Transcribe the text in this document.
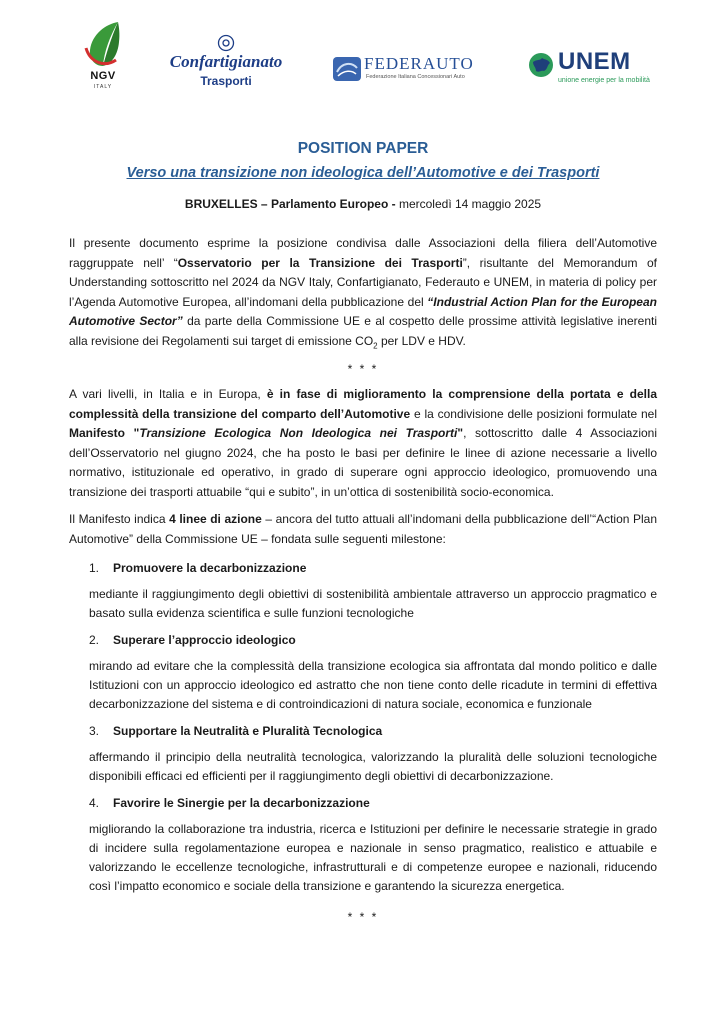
NGV
ITALY
Confartigianato
Trasporti
FEDERAUTO
Federazione Italiana Concessionari Auto
UNEM
unione energie per la mobilità
POSITION PAPER
Verso una transizione non ideologica dell’Automotive e dei Trasporti
BRUXELLES – Parlamento Europeo - mercoledì 14 maggio 2025

Il presente documento esprime la posizione condivisa dalle Associazioni della filiera dell’Automotive raggruppate nell’ “Osservatorio per la Transizione dei Trasporti”, risultante del Memorandum of Understanding sottoscritto nel 2024 da NGV Italy, Confartigianato, Federauto e UNEM, in materia di policy per l’Agenda Automotive Europea, all’indomani della pubblicazione del “Industrial Action Plan for the European Automotive Sector” da parte della Commissione UE e al cospetto delle prossime attività legislative inerenti alla revisione dei Regolamenti sui target di emissione $CO_2$ per LDV e HDV.

* * *

A vari livelli, in Italia e in Europa, è in fase di miglioramento la comprensione della portata e della complessità della transizione del comparto dell’Automotive e la condivisione delle posizioni formulate nel Manifesto "Transizione Ecologica Non Ideologica nei Trasporti", sottoscritto dalle 4 Associazioni dell’Osservatorio nel giugno 2024, che ha posto le basi per definire le linee di azione necessarie a livello normativo, istituzionale ed operativo, in grado di superare ogni approccio ideologico, promuovendo una transizione dei trasporti attuabile “qui e subito”, in un’ottica di sostenibilità socio-economica.

Il Manifesto indica 4 linee di azione – ancora del tutto attuali all’indomani della pubblicazione dell’“Action Plan Automotive” della Commissione UE – fondata sulle seguenti milestone:

1. Promuovere la decarbonizzazione
mediante il raggiungimento degli obiettivi di sostenibilità ambientale attraverso un approccio pragmatico e basato sulla evidenza scientifica e sulle funzioni tecnologiche
2. Superare l’approccio ideologico
mirando ad evitare che la complessità della transizione ecologica sia affrontata dal mondo politico e dalle Istituzioni con un approccio ideologico ed astratto che non tiene conto delle ricadute in termini di effettiva decarbonizzazione del sistema e di controindicazioni di natura sociale, economica e funzionale
3. Supportare la Neutralità e Pluralità Tecnologica
affermando il principio della neutralità tecnologica, valorizzando la pluralità delle soluzioni tecnologiche disponibili efficaci ed efficienti per il raggiungimento degli obiettivi di decarbonizzazione.
4. Favorire le Sinergie per la decarbonizzazione
migliorando la collaborazione tra industria, ricerca e Istituzioni per definire le necessarie strategie in grado di incidere sulla regolamentazione europea e nazionale in senso pragmatico, realistico e attuabile e valorizzando le eccellenze tecnologiche, infrastrutturali e di competenze europee e nazionali, riducendo così l’impatto economico e sociale della transizione e garantendo la sicurezza energetica.
* * *
